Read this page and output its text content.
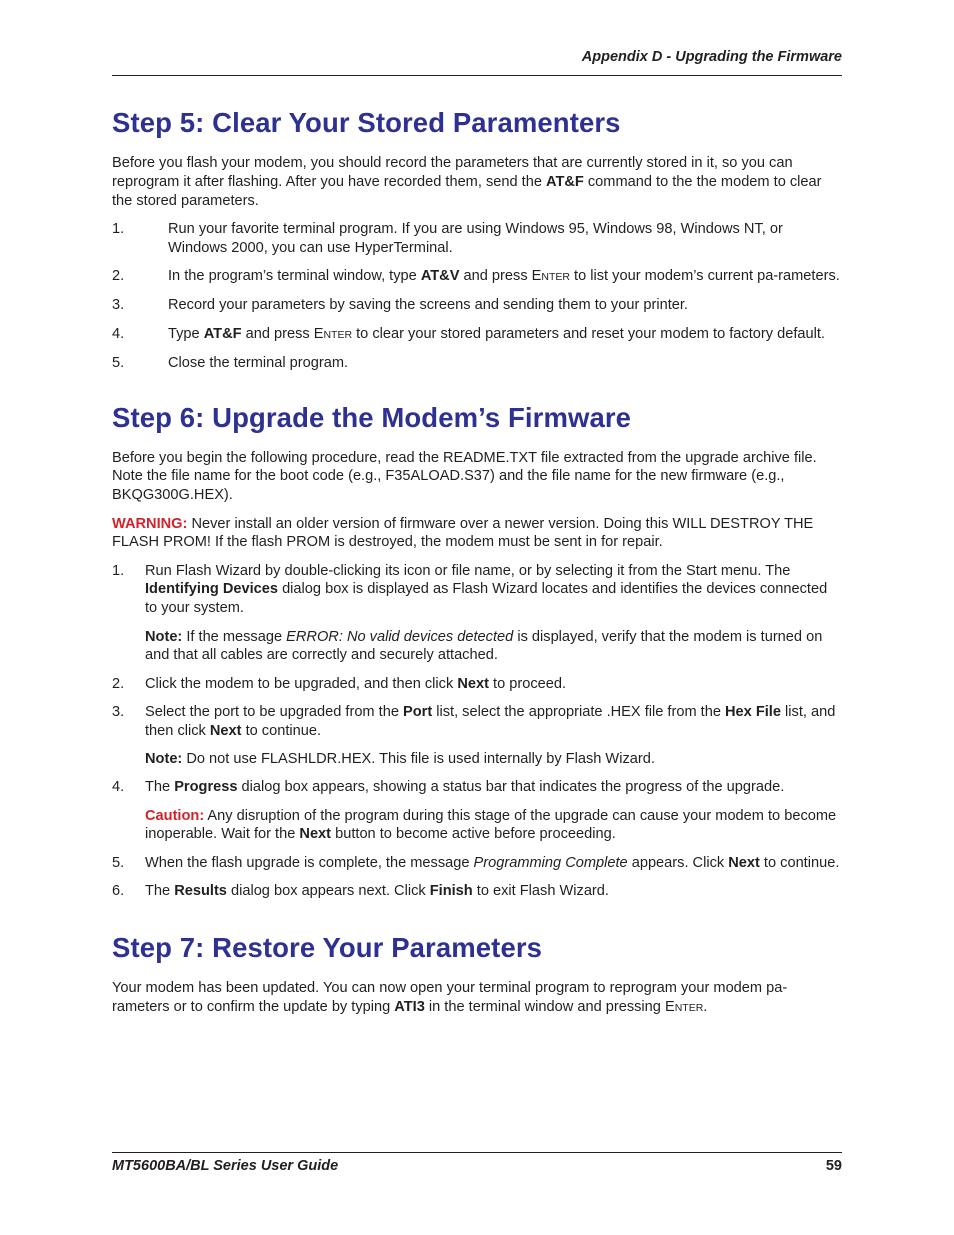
Appendix D - Upgrading the Firmware
Step 5: Clear Your Stored Paramenters

Before you flash your modem, you should record the parameters that are currently stored in it, so you can reprogram it after flashing. After you have recorded them, send the AT&F command to the the modem to clear the stored parameters.

1.	Run your favorite terminal program. If you are using Windows 95, Windows 98, Windows NT, or Windows 2000, you can use HyperTerminal.
2.	In the program’s terminal window, type AT&V and press ENTER to list your modem’s current pa-rameters.
3.	Record your parameters by saving the screens and sending them to your printer.
4.	Type AT&F and press ENTER to clear your stored parameters and reset your modem to factory default.
5.	Close the terminal program.
Step 6: Upgrade the Modem’s Firmware

Before you begin the following procedure, read the README.TXT file extracted from the upgrade archive file. Note the file name for the boot code (e.g., F35ALOAD.S37) and the file name for the new firmware (e.g., BKQG300G.HEX).

WARNING: Never install an older version of firmware over a newer version. Doing this WILL DESTROY THE FLASH PROM! If the flash PROM is destroyed, the modem must be sent in for repair.

1.	Run Flash Wizard by double-clicking its icon or file name, or by selecting it from the Start menu. The Identifying Devices dialog box is displayed as Flash Wizard locates and identifies the devices connected to your system.

Note: If the message ERROR: No valid devices detected is displayed, verify that the modem is turned on and that all cables are correctly and securely attached.

2.	Click the modem to be upgraded, and then click Next to proceed.
3.	Select the port to be upgraded from the Port list, select the appropriate .HEX file from the Hex File list, and then click Next to continue.

Note: Do not use FLASHLDR.HEX. This file is used internally by Flash Wizard.

4.	The Progress dialog box appears, showing a status bar that indicates the progress of the upgrade.

Caution: Any disruption of the program during this stage of the upgrade can cause your modem to become inoperable. Wait for the Next button to become active before proceeding.

5.	When the flash upgrade is complete, the message Programming Complete appears. Click Next to continue.
6.	The Results dialog box appears next. Click Finish to exit Flash Wizard.
Step 7: Restore Your Parameters

Your modem has been updated. You can now open your terminal program to reprogram your modem pa-rameters or to confirm the update by typing ATI3 in the terminal window and pressing ENTER.

MT5600BA/BL Series User Guide	59
